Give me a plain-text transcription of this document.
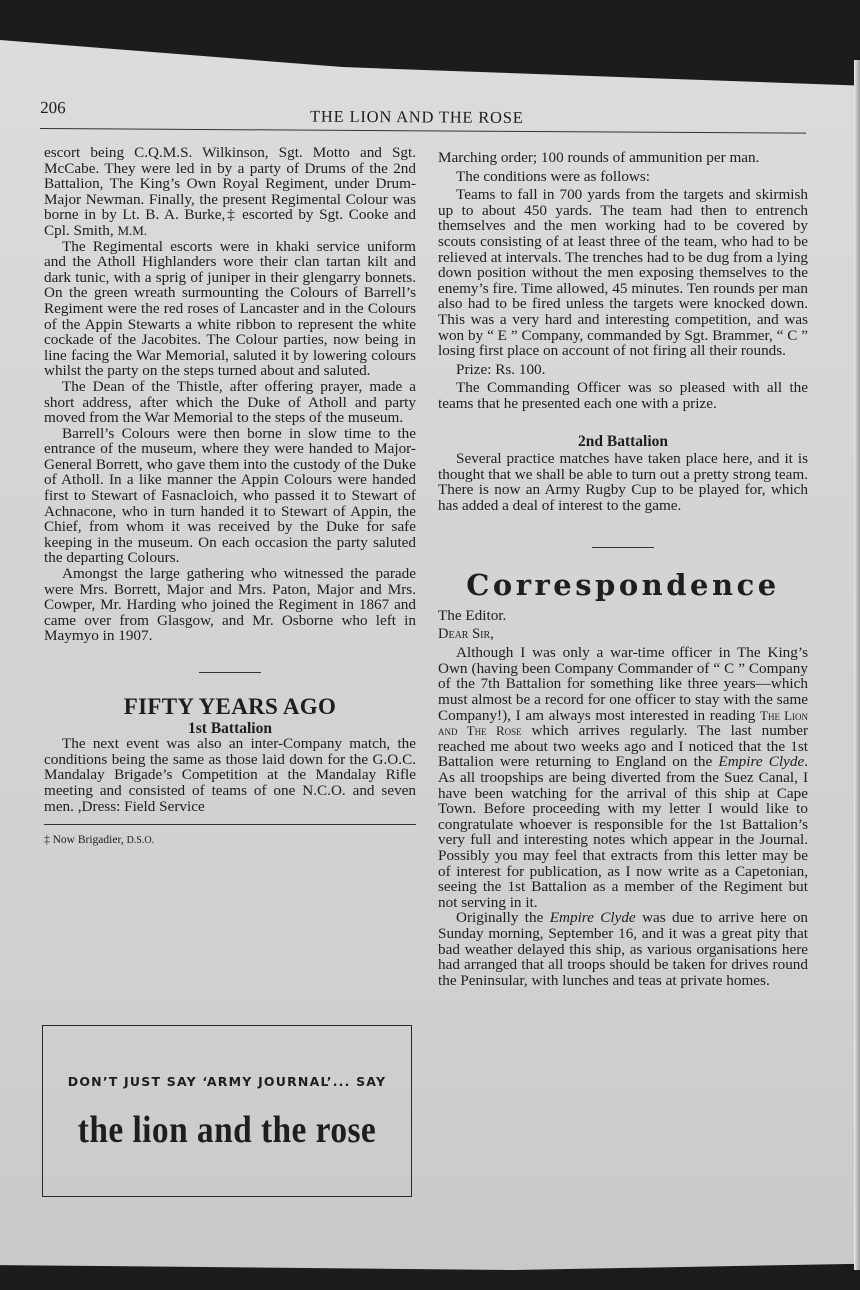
206	THE LION AND THE ROSE

escort being C.Q.M.S. Wilkinson, Sgt. Motto and Sgt. McCabe. They were led in by a party of Drums of the 2nd Battalion, The King’s Own Royal Regiment, under Drum-Major Newman. Finally, the present Regimental Colour was borne in by Lt. B. A. Burke,‡ escorted by Sgt. Cooke and Cpl. Smith, M.M.

The Regimental escorts were in khaki service uniform and the Atholl Highlanders wore their clan tartan kilt and dark tunic, with a sprig of juniper in their glengarry bonnets. On the green wreath surmounting the Colours of Barrell’s Regiment were the red roses of Lancaster and in the Colours of the Appin Stewarts a white ribbon to represent the white cockade of the Jacobites. The Colour parties, now being in line facing the War Memorial, saluted it by lowering colours whilst the party on the steps turned about and saluted.

The Dean of the Thistle, after offering prayer, made a short address, after which the Duke of Atholl and party moved from the War Memorial to the steps of the museum.

Barrell’s Colours were then borne in slow time to the entrance of the museum, where they were handed to Major-General Borrett, who gave them into the custody of the Duke of Atholl. In a like manner the Appin Colours were handed first to Stewart of Fasnacloich, who passed it to Stewart of Achnacone, who in turn handed it to Stewart of Appin, the Chief, from whom it was received by the Duke for safe keeping in the museum. On each occasion the party saluted the departing Colours.

Amongst the large gathering who witnessed the parade were Mrs. Borrett, Major and Mrs. Paton, Major and Mrs. Cowper, Mr. Harding who joined the Regiment in 1867 and came over from Glasgow, and Mr. Osborne who left in Maymyo in 1907.

FIFTY YEARS AGO
1st Battalion

The next event was also an inter-Company match, the conditions being the same as those laid down for the G.O.C. Mandalay Brigade’s Competition at the Mandalay Rifle meeting and consisted of teams of one N.C.O. and seven men. ,Dress: Field Service

‡ Now Brigadier, D.S.O.
DON’T JUST SAY ‘ARMY JOURNAL’... SAY
the lion and the rose

Marching order; 100 rounds of ammunition per man.

The conditions were as follows:

Teams to fall in 700 yards from the targets and skirmish up to about 450 yards. The team had then to entrench themselves and the men working had to be covered by scouts consisting of at least three of the team, who had to be relieved at intervals. The trenches had to be dug from a lying down position without the men exposing themselves to the enemy’s fire. Time allowed, 45 minutes. Ten rounds per man also had to be fired unless the targets were knocked down. This was a very hard and interesting competition, and was won by “ E ” Company, commanded by Sgt. Brammer, “ C ” losing first place on account of not firing all their rounds.

Prize: Rs. 100.

The Commanding Officer was so pleased with all the teams that he presented each one with a prize.

2nd Battalion

Several practice matches have taken place here, and it is thought that we shall be able to turn out a pretty strong team. There is now an Army Rugby Cup to be played for, which has added a deal of interest to the game.

Correspondence

The Editor.

Dear Sir,

Although I was only a war-time officer in The King’s Own (having been Company Commander of “ C ” Company of the 7th Battalion for something like three years—which must almost be a record for one officer to stay with the same Company!), I am always most interested in reading The Lion and The Rose which arrives regularly. The last number reached me about two weeks ago and I noticed that the 1st Battalion were returning to England on the Empire Clyde. As all troopships are being diverted from the Suez Canal, I have been watching for the arrival of this ship at Cape Town. Before proceeding with my letter I would like to congratulate whoever is responsible for the 1st Battalion’s very full and interesting notes which appear in the Journal. Possibly you may feel that extracts from this letter may be of interest for publication, as I now write as a Capetonian, seeing the 1st Battalion as a member of the Regiment but not serving in it.

Originally the Empire Clyde was due to arrive here on Sunday morning, September 16, and it was a great pity that bad weather delayed this ship, as various organisations here had arranged that all troops should be taken for drives round the Peninsular, with lunches and teas at private homes.
